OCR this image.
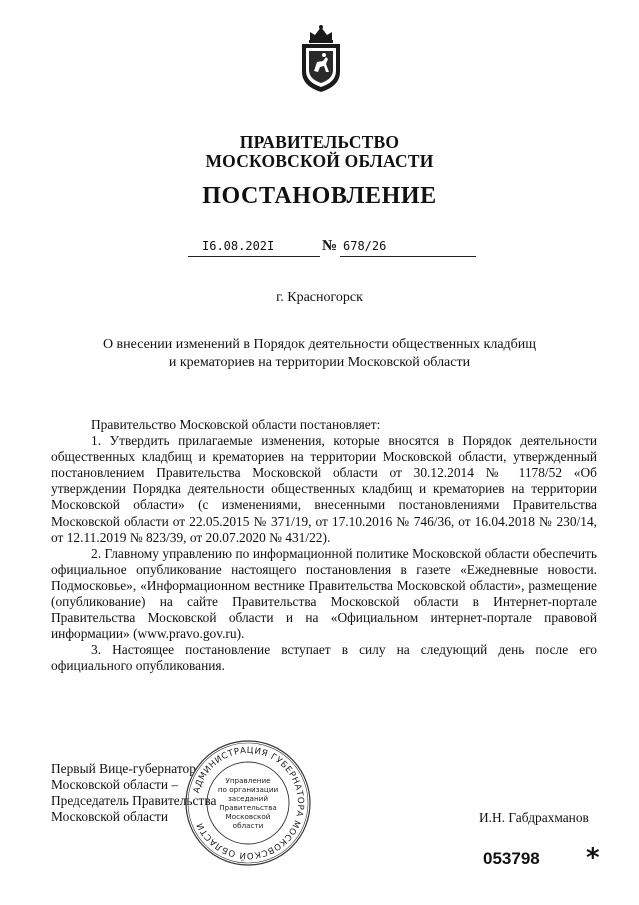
ПРАВИТЕЛЬСТВО
МОСКОВСКОЙ ОБЛАСТИ
ПОСТАНОВЛЕНИЕ
I6.08.202I	№ 678/26
г. Красногорск
О внесении изменений в Порядок деятельности общественных кладбищ
и крематориев на территории Московской области

Правительство Московской области постановляет:

1. Утвердить прилагаемые изменения, которые вносятся в Порядок деятельности общественных кладбищ и крематориев на территории Московской области, утвержденный постановлением Правительства Московской области от 30.12.2014 № 1178/52 «Об утверждении Порядка деятельности общественных кладбищ и крематориев на территории Московской области» (с изменениями, внесенными постановлениями Правительства Московской области от 22.05.2015 № 371/19, от 17.10.2016 № 746/36, от 16.04.2018 № 230/14, от 12.11.2019 № 823/39, от 20.07.2020 № 431/22).

2. Главному управлению по информационной политике Московской области обеспечить официальное опубликование настоящего постановления в газете «Ежедневные новости. Подмосковье», «Информационном вестнике Правительства Московской области», размещение (опубликование) на сайте Правительства Московской области в Интернет-портале Правительства Московской области и на «Официальном интернет-портале правовой информации» (www.pravo.gov.ru).

3. Настоящее постановление вступает в силу на следующий день после его официального опубликования.

Первый Вице-губернатор
Московской области –
Председатель Правительства
Московской области
АДМИНИСТРАЦИЯ ГУБЕРНАТОРА МОСКОВСКОЙ ОБЛАСТИ
Управление
по организации
заседаний
Правительства
Московской
области
И.Н. Габдрахманов
053798 *
